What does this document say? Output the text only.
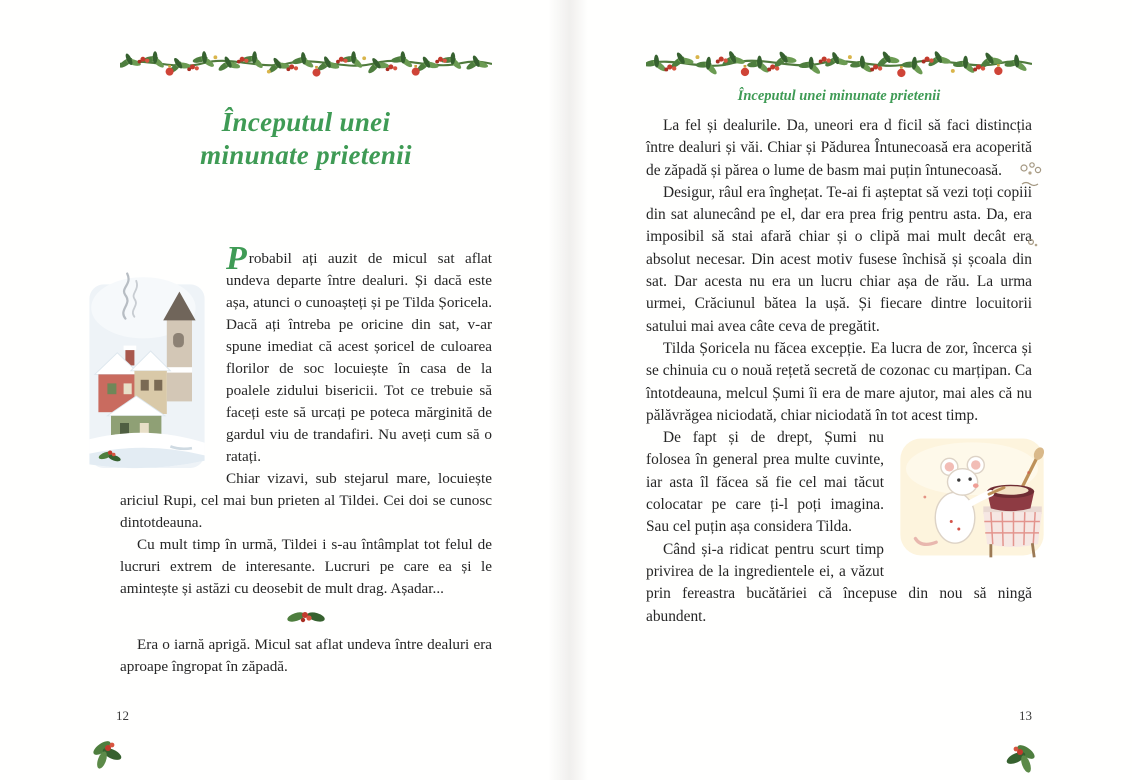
Începutul unei
minunate prietenii

Probabil ați auzit de micul sat aflat undeva departe între dealuri. Și dacă este așa, atunci o cunoașteți și pe Tilda Șoricela. Dacă ați întreba pe oricine din sat, v-ar spune imediat că acest șoricel de culoarea florilor de soc locuiește în casa de la poalele zidului bisericii. Tot ce trebuie să faceți este să urcați pe poteca mărginită de gardul viu de trandafiri. Nu aveți cum să o ratați.

Chiar vizavi, sub stejarul mare, locuiește ariciul Rupi, cel mai bun prieten al Tildei. Cei doi se cunosc dintotdeauna.

Cu mult timp în urmă, Tildei i s-au întâmplat tot felul de lucruri extrem de interesante. Lucruri pe care ea și le amintește și astăzi cu deosebit de mult drag. Așadar...

Era o iarnă aprigă. Micul sat aflat undeva între dealuri era aproape îngropat în zăpadă.

12
Începutul unei minunate prietenii

La fel și dealurile. Da, uneori era d ficil să faci distincția între dealuri și văi. Chiar și Pădurea Întunecoasă era acoperită de zăpadă și părea o lume de basm mai puțin întunecoasă.

Desigur, râul era înghețat. Te-ai fi așteptat să vezi toți copiii din sat alunecând pe el, dar era prea frig pentru asta. Da, era imposibil să stai afară chiar și o clipă mai mult decât era absolut necesar. Din acest motiv fusese închisă și școala din sat. Dar acesta nu era un lucru chiar așa de rău. La urma urmei, Crăciunul bătea la ușă. Și fiecare dintre locuitorii satului mai avea câte ceva de pregătit.

Tilda Șoricela nu făcea excepție. Ea lucra de zor, încerca și se chinuia cu o nouă rețetă secretă de cozonac cu marțipan. Ca întotdeauna, melcul Șumi îi era de mare ajutor, mai ales că nu pălăvrăgea niciodată, chiar niciodată în tot acest timp.

De fapt și de drept, Șumi nu folosea în general prea multe cuvinte, iar asta îl făcea să fie cel mai tăcut colocatar pe care ți-l poți imagina. Sau cel puțin așa considera Tilda.

Când și-a ridicat pentru scurt timp privirea de la ingredientele ei, a văzut prin fereastra bucătăriei că începuse din nou să ningă abundent.

13
